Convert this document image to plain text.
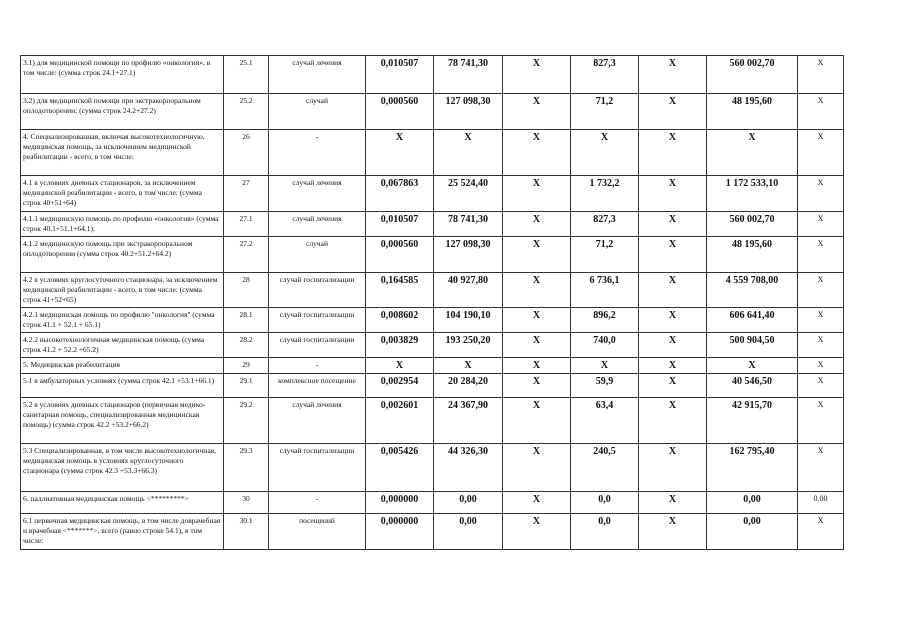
3.1) для медицинской помощи по профилю «онкология», в том числе: (сумма строк 24.1+27.1)	25.1	случай лечения	0,010507	78 741,30	X	827,3	X	560 002,70	X
3.2) для медицинской помощи при экстракорпоральном оплодотворении: (сумма строк 24.2+27.2)	25.2	случай	0,000560	127 098,30	X	71,2	X	48 195,60	X
4. Специализированная, включая высокотехнологичную, медицинская помощь, за исключением медицинской реабилитации - всего, в том числе:	26	-	X	X	X	X	X	X	X
4.1 в условиях дневных стационаров, за исключением медицинской реабилитации - всего, в том числе: (сумма строк 40+51+64)	27	случай лечения	0,067863	25 524,40	X	1 732,2	X	1 172 533,10	X
4.1.1 медицинскую помощь по профилю «онкология» (сумма строк 40.1+51.1+64.1):	27.1	случай лечения	0,010507	78 741,30	X	827,3	X	560 002,70	X
4.1.2 медицинскую помощь при экстракорпоральном оплодотворении (сумма строк 40.2+51.2+64.2)	27.2	случай	0,000560	127 098,30	X	71,2	X	48 195,60	X
4.2 в условиях круглосуточного стационара, за исключением медицинской реабилитации - всего, в том числе: (сумма строк 41+52+65)	28	случай госпитализации	0,164585	40 927,80	X	6 736,1	X	4 559 708,00	X
4.2.1 медицинская помощь по профилю "онкология" (сумма строк 41.1 + 52.1 + 65.1)	28.1	случай госпитализации	0,008602	104 190,10	X	896,2	X	606 641,40	X
4.2.2 высокотехнологичная медицинская помощь (сумма строк 41.2 + 52.2 +65.2)	28.2	случай госпитализации	0,003829	193 250,20	X	740,0	X	500 904,50	X
5. Медицинская реабилитация	29	-	X	X	X	X	X	X	X
5.1 в амбулаторных условиях (сумма строк 42.1 +53.1+66.1)	29.1	комплексное посещение	0,002954	20 284,20	X	59,9	X	40 546,50	X
5.2 в условиях дневных стационаров (первичная медико-санитарная помощь, специализированная медицинская помощь) (сумма строк 42.2 +53.2+66.2)	29.2	случай лечения	0,002601	24 367,90	X	63,4	X	42 915,70	X
5.3 Специализированная, в том числе высокотехнологичная, медицинская помощь в условиях круглосуточного стационара (сумма строк 42.3 +53.3+66.3)	29.3	случай госпитализации	0,005426	44 326,30	X	240,5	X	162 795,40	X
6. паллиативная медицинская помощь <*********>	30	-	0,000000	0,00	X	0,0	X	0,00	0.00
6.1 первичная медицинская помощь, в том числе доврачебная и врачебная <*******>, всего (равно строке 54.1), в том числе:	30.1	посещений	0,000000	0,00	X	0,0	X	0,00	X
